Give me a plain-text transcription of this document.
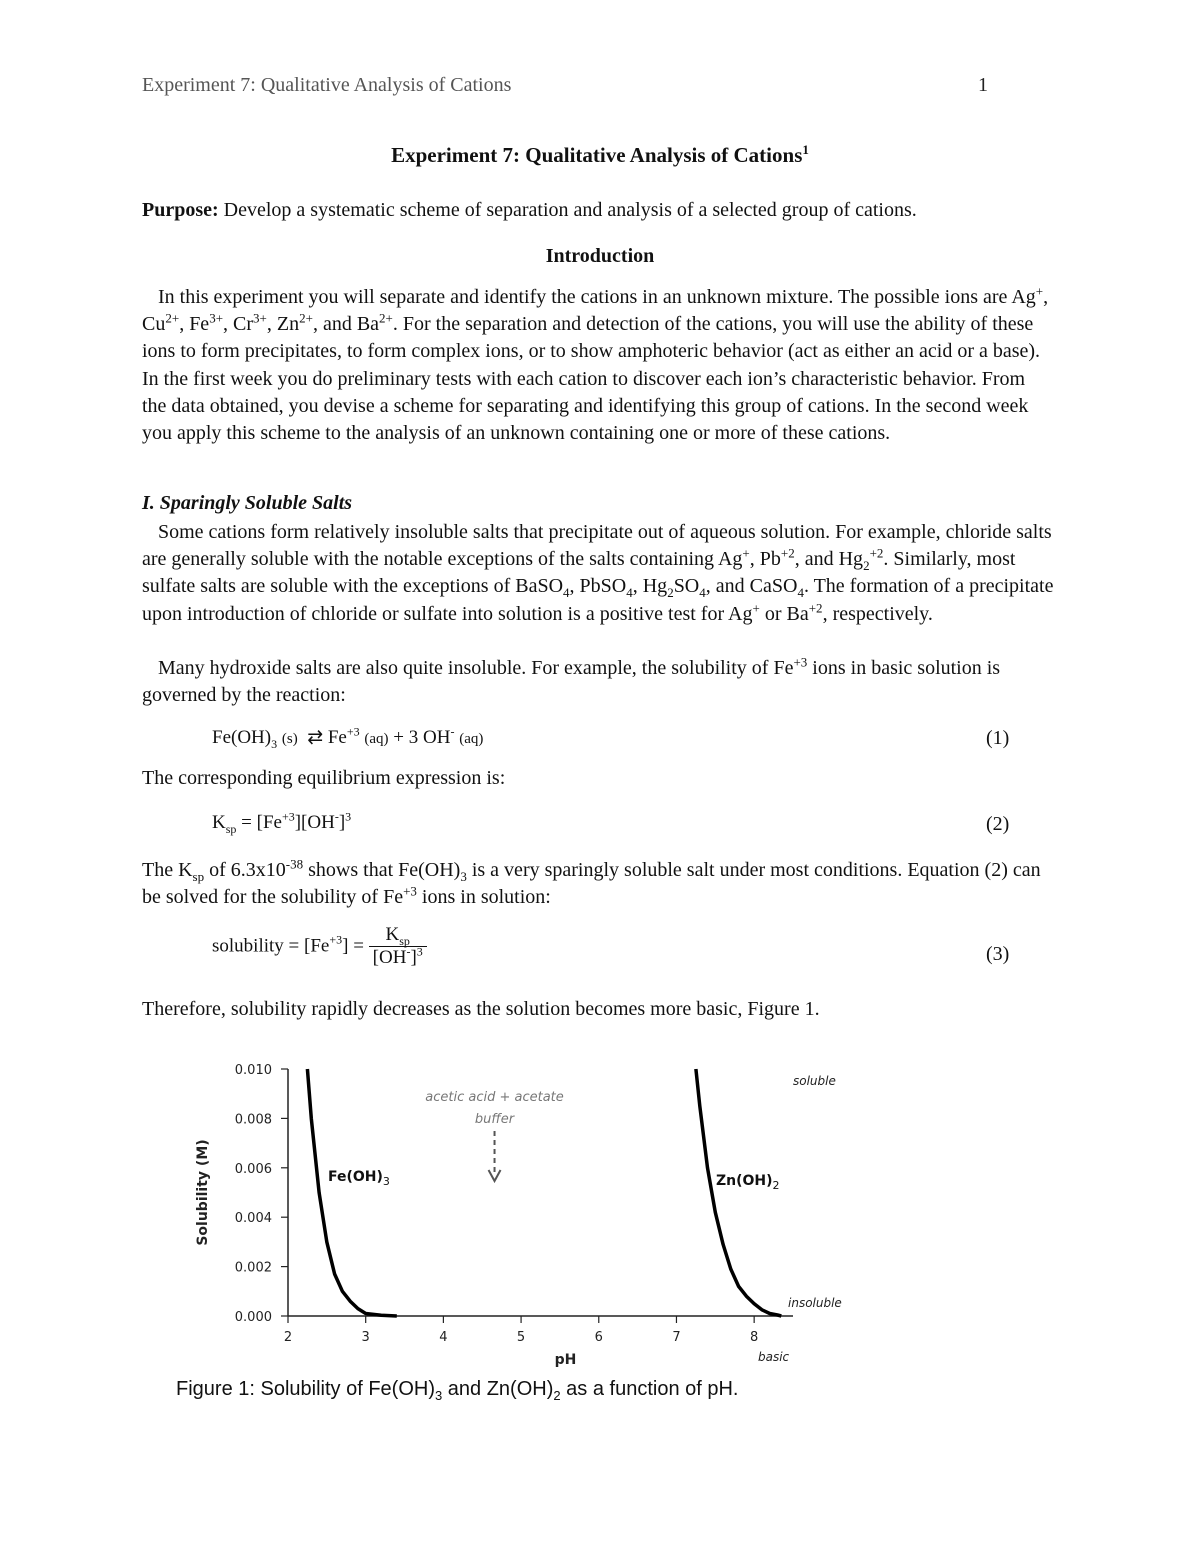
Experiment 7: Qualitative Analysis of Cations	1
Experiment 7: Qualitative Analysis of Cations$^1$
Purpose: Develop a systematic scheme of separation and analysis of a selected group of cations.
Introduction
In this experiment you will separate and identify the cations in an unknown mixture. The possible ions are Ag+, $Cu^{2+}$, $Fe^{3+}$, $Cr^{3+}$, $Zn^{2+}$, and $Ba^{2+}$. For the separation and detection of the cations, you will use the ability of these ions to form precipitates, to form complex ions, or to show amphoteric behavior (act as either an acid or a base). In the first week you do preliminary tests with each cation to discover each ion’s characteristic behavior. From the data obtained, you devise a scheme for separating and identifying this group of cations. In the second week you apply this scheme to the analysis of an unknown containing one or more of these cations.
I. Sparingly Soluble Salts
Some cations form relatively insoluble salts that precipitate out of aqueous solution. For example, chloride salts are generally soluble with the notable exceptions of the salts containing Ag+, $Pb^{+2}$, and $Hg_2^{+2}$. Similarly, most sulfate salts are soluble with the exceptions of BaSO$_4$, PbSO$_4$, $Hg_2SO_4$, and CaSO$_4$. The formation of a precipitate upon introduction of chloride or sulfate into solution is a positive test for Ag+ or $Ba^{+2}$, respectively.
Many hydroxide salts are also quite insoluble. For example, the solubility of $Fe^{+3}$ ions in basic solution is governed by the reaction:
$Fe(OH)_3$ (s) ⇄ $Fe^{+3}$ (aq) + 3 OH- (aq)	(1)
The corresponding equilibrium expression is:
$K_{sp} = [Fe^{+3}][OH^-]^3$	(2)
The $K_{sp}$ of $6.3x10^{-38}$ shows that $Fe(OH)_3$ is a very sparingly soluble salt under most conditions. Equation (2) can be solved for the solubility of $Fe^{+3}$ ions in solution:
solubility = $[Fe^{+3}] = \frac{K_{sp}}{[OH^-]^3}$	(3)
Therefore, solubility rapidly decreases as the solution becomes more basic, Figure 1.
2	3	4	5	6	7	8
0.000
0.002
0.004
0.006
0.008
0.010
pH
Solubility (M)	$Fe(OH)_3$	$Zn(OH)_2$
acetic acid + acetate
buffer
soluble
insoluble
basic
Figure 1: Solubility of $Fe(OH)_3$ and $Zn(OH)_2$ as a function of pH.
